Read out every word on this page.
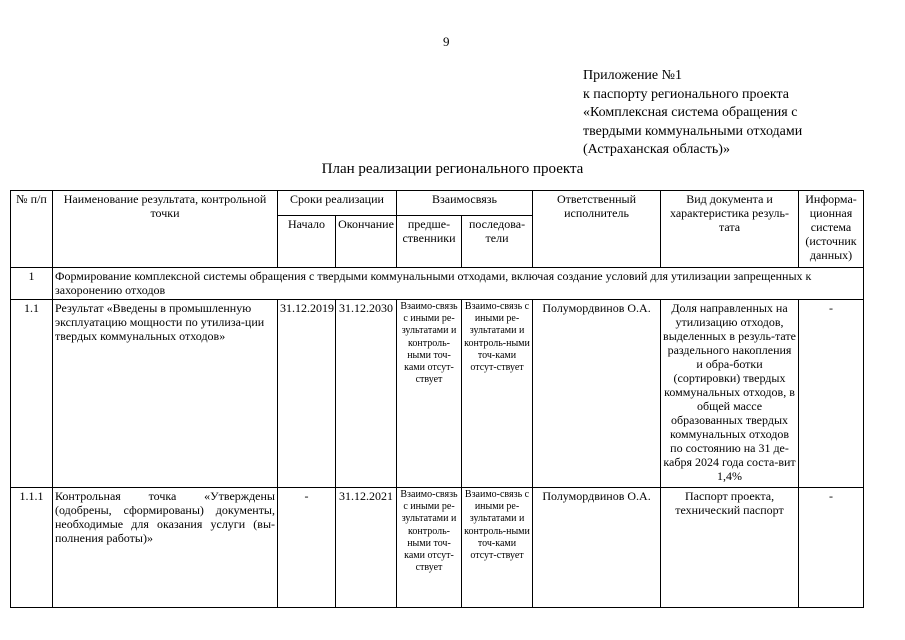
9
Приложение №1
к паспорту регионального проекта
«Комплексная система обращения с
твердыми коммунальными отходами
(Астраханская область)»
План реализации регионального проекта
№ п/п	Наименование результата, контрольной точки	Сроки реализации		Взаимосвязь		Ответственный исполнитель	Вид документа и характеристика резуль-тата	Информа-ционная система (источник данных)
		Начало	Окончание	предше-ственники	последова-тели			
1	Формирование комплексной системы обращения с твердыми коммунальными отходами, включая создание условий для утилизации запрещенных к захоронению отходов							
1.1	Результат «Введены в промышленную эксплуатацию мощности по утилиза-ции твердых коммунальных отходов»	31.12.2019	31.12.2030	Взаимо-связь с иными ре-зультатами и контроль-ными точ-ками отсут-ствует	Взаимо-связь с иными ре-зультатами и контроль-ными точ-ками отсут-ствует	Полумордвинов О.А.	Доля направленных на утилизацию отходов, выделенных в резуль-тате раздельного накопления и обра-ботки (сортировки) твердых коммунальных отходов, в общей массе образованных твердых коммунальных отходов по состоянию на 31 де-кабря 2024 года соста-вит 1,4%	-
1.1.1	Контрольная точка «Утверждены (одобрены, сформированы) документы, необходимые для оказания услуги (вы-полнения работы)»	-	31.12.2021	Взаимо-связь с иными ре-зультатами и контроль-ными точ-ками отсут-ствует	Взаимо-связь с иными ре-зультатами и контроль-ными точ-ками отсут-ствует	Полумордвинов О.А.	Паспорт проекта, технический паспорт	-
